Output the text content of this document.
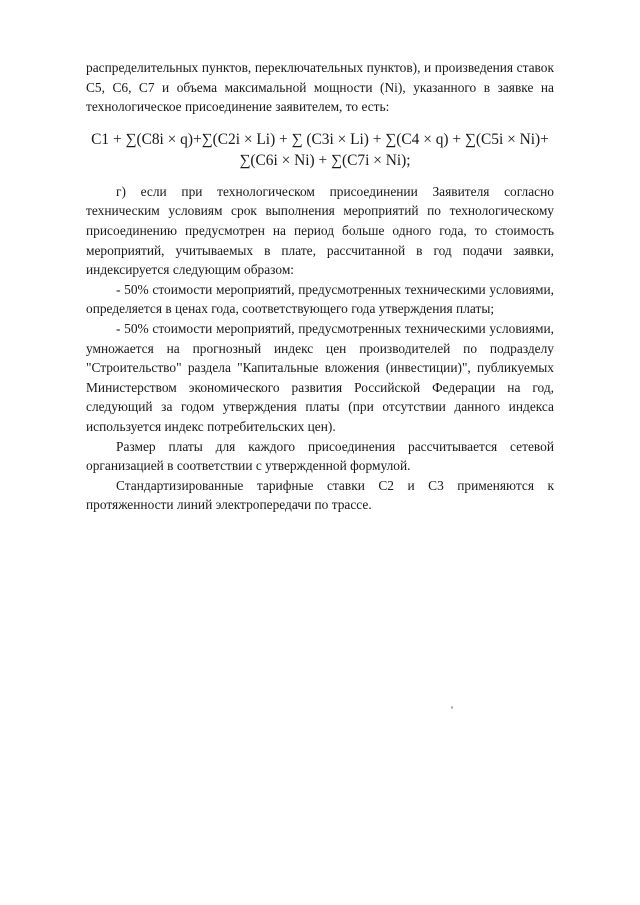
распределительных пунктов, переключательных пунктов), и произведения ставок С5, С6, С7 и объема максимальной мощности (Ni), указанного в заявке на технологическое присоединение заявителем, то есть:

C1 + ∑(C8i × q)+∑(C2i × Li) + ∑ (C3i × Li) + ∑(C4 × q) + ∑(C5i × Ni)+
∑(C6i × Ni) + ∑(C7i × Ni);

г) если при технологическом присоединении Заявителя согласно техническим условиям срок выполнения мероприятий по технологическому присоединению предусмотрен на период больше одного года, то стоимость мероприятий, учитываемых в плате, рассчитанной в год подачи заявки, индексируется следующим образом:

- 50% стоимости мероприятий, предусмотренных техническими условиями, определяется в ценах года, соответствующего года утверждения платы;

- 50% стоимости мероприятий, предусмотренных техническими условиями, умножается на прогнозный индекс цен производителей по подразделу "Строительство" раздела "Капитальные вложения (инвестиции)", публикуемых Министерством экономического развития Российской Федерации на год, следующий за годом утверждения платы (при отсутствии данного индекса используется индекс потребительских цен).

Размер платы для каждого присоединения рассчитывается сетевой организацией в соответствии с утвержденной формулой.

Стандартизированные тарифные ставки С2 и С3 применяются к протяженности линий электропередачи по трассе.
